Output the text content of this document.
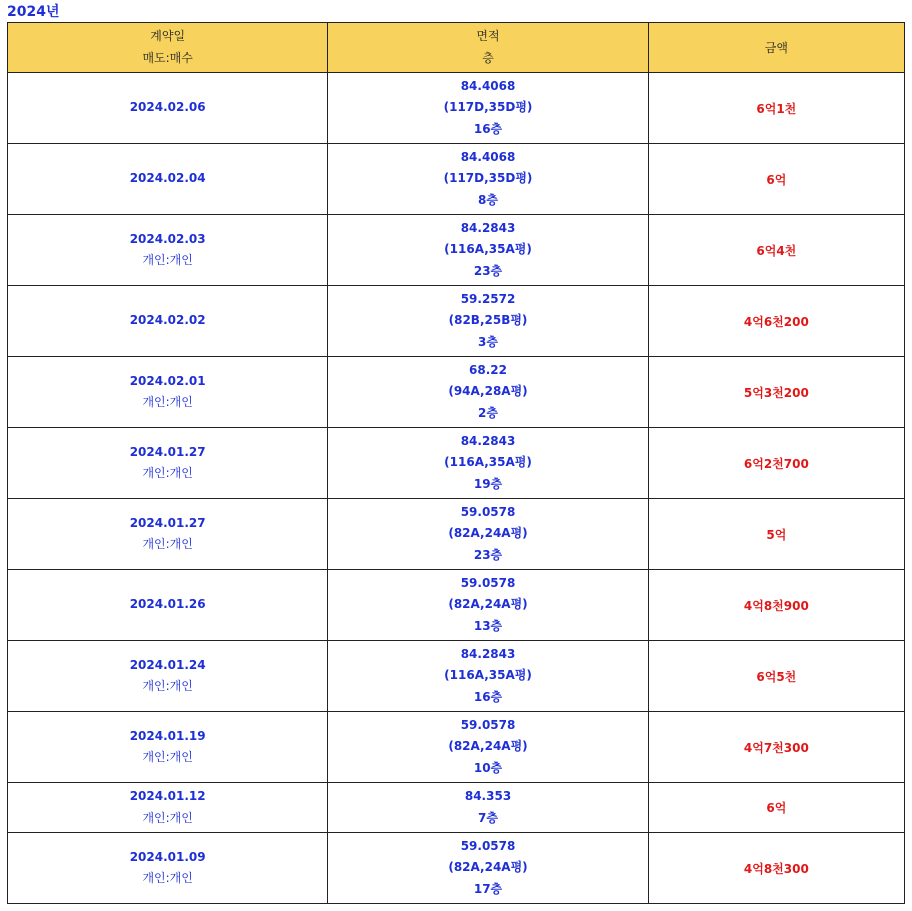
2024년
계약일
매도:매수	면적
층	금액

2024.02.06	84.4068
(117D,35D평)
16층	6억1천

2024.02.04	84.4068
(117D,35D평)
8층	6억

2024.02.03
개인:개인	84.2843
(116A,35A평)
23층	6억4천

2024.02.02	59.2572
(82B,25B평)
3층	4억6천200

2024.02.01
개인:개인	68.22
(94A,28A평)
2층	5억3천200

2024.01.27
개인:개인	84.2843
(116A,35A평)
19층	6억2천700

2024.01.27
개인:개인	59.0578
(82A,24A평)
23층	5억

2024.01.26	59.0578
(82A,24A평)
13층	4억8천900

2024.01.24
개인:개인	84.2843
(116A,35A평)
16층	6억5천

2024.01.19
개인:개인	59.0578
(82A,24A평)
10층	4억7천300

2024.01.12
개인:개인	84.353
7층	6억

2024.01.09
개인:개인	59.0578
(82A,24A평)
17층	4억8천300
